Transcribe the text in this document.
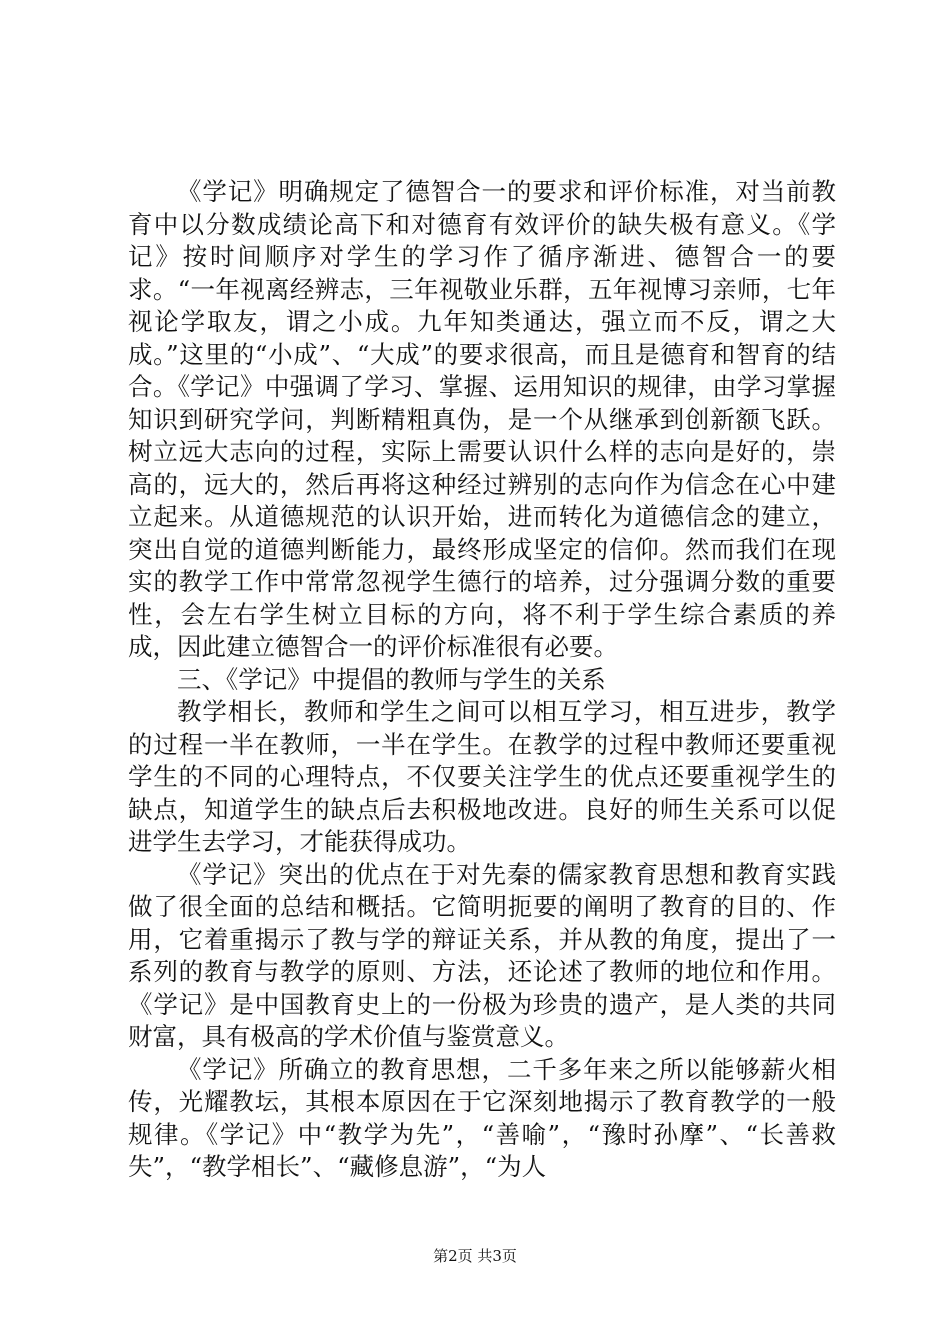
《学记》明确规定了德智合一的要求和评价标准，对当前教育中以分数成绩论高下和对德育有效评价的缺失极有意义。《学记》按时间顺序对学生的学习作了循序渐进、德智合一的要求。“一年视离经辨志，三年视敬业乐群，五年视博习亲师，七年视论学取友，谓之小成。九年知类通达，强立而不反，谓之大成。”这里的“小成”、“大成”的要求很高，而且是德育和智育的结合。《学记》中强调了学习、掌握、运用知识的规律，由学习掌握知识到研究学问，判断精粗真伪，是一个从继承到创新额飞跃。树立远大志向的过程，实际上需要认识什么样的志向是好的，崇高的，远大的，然后再将这种经过辨别的志向作为信念在心中建立起来。从道德规范的认识开始，进而转化为道德信念的建立，突出自觉的道德判断能力，最终形成坚定的信仰。然而我们在现实的教学工作中常常忽视学生德行的培养，过分强调分数的重要性，会左右学生树立目标的方向，将不利于学生综合素质的养成，因此建立德智合一的评价标准很有必要。

三、《学记》中提倡的教师与学生的关系

教学相长，教师和学生之间可以相互学习，相互进步，教学的过程一半在教师，一半在学生。在教学的过程中教师还要重视学生的不同的心理特点，不仅要关注学生的优点还要重视学生的缺点，知道学生的缺点后去积极地改进。良好的师生关系可以促进学生去学习，才能获得成功。

《学记》突出的优点在于对先秦的儒家教育思想和教育实践做了很全面的总结和概括。它简明扼要的阐明了教育的目的、作用，它着重揭示了教与学的辩证关系，并从教的角度，提出了一系列的教育与教学的原则、方法，还论述了教师的地位和作用。《学记》是中国教育史上的一份极为珍贵的遗产，是人类的共同财富，具有极高的学术价值与鉴赏意义。

《学记》所确立的教育思想，二千多年来之所以能够薪火相传，光耀教坛，其根本原因在于它深刻地揭示了教育教学的一般规律。《学记》中“教学为先”，“善喻”，“豫时孙摩”、“长善救失”，“教学相长”、“藏修息游”，“为人

第2页 共3页
